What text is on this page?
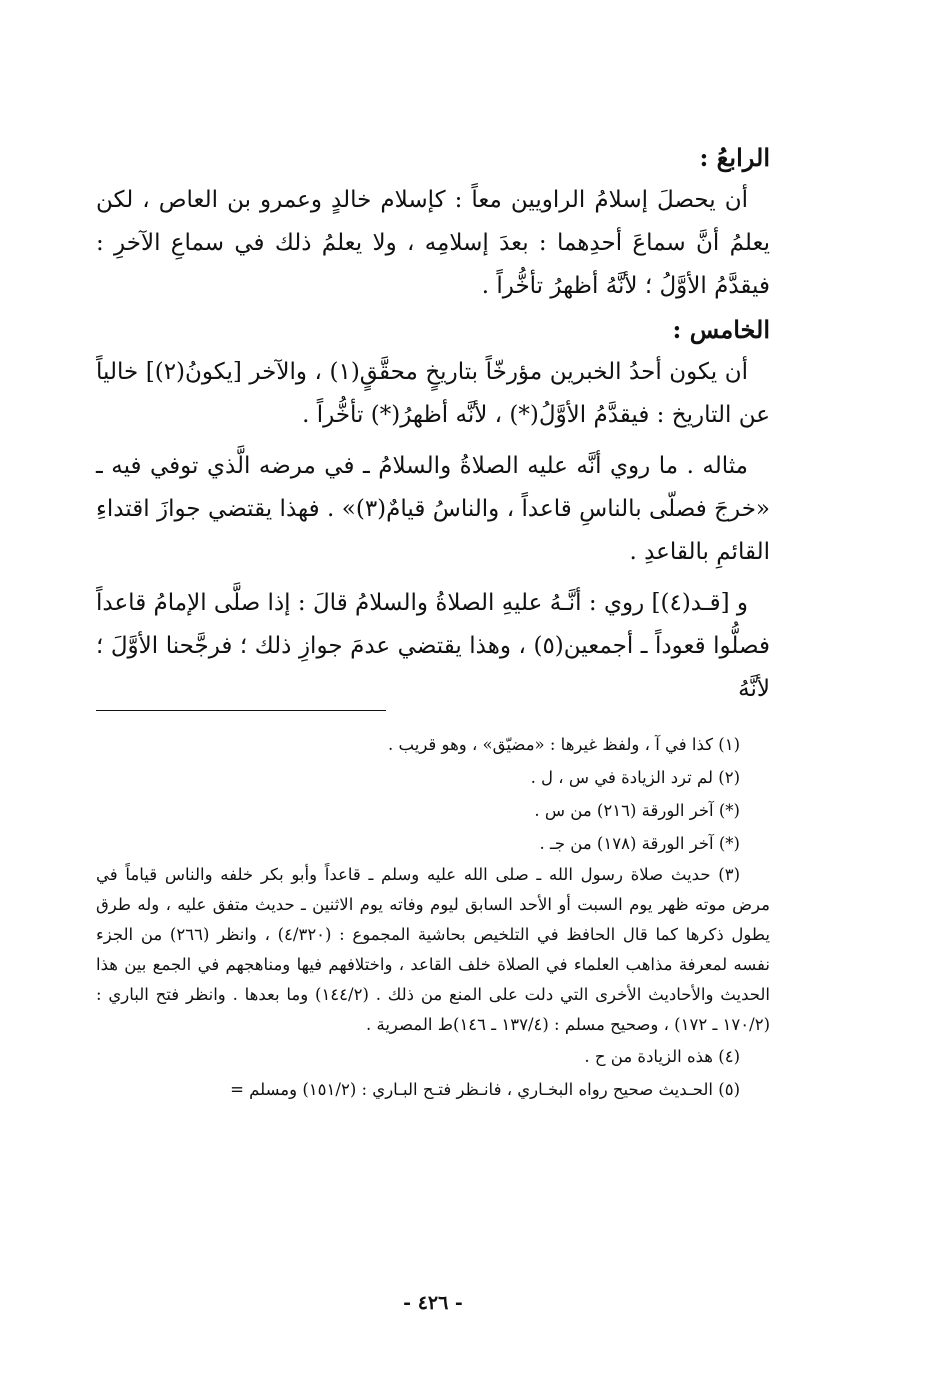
الرابعُ :

أن يحصلَ إسلامُ الراويين معاً : كإسلام خالدٍ وعمرو بن العاص ، لكن يعلمُ أنَّ سماعَ أحدِهما : بعدَ إسلامِه ، ولا يعلمُ ذلك في سماعِ الآخرِ : فيقدَّمُ الأوَّلُ ؛ لأنَّهُ أظهرُ تأخُّراً .

الخامس :

أن يكون أحدُ الخبرين مؤرخّاً بتاريخٍ محقَّقٍ(١) ، والآخر [يكونُ(٢)] خالياً عن التاريخ : فيقدَّمُ الأوَّلُ(*) ، لأنَّه أظهرُ(*) تأخُّراً .

مثاله . ما روي أنَّه عليه الصلاةُ والسلامُ ـ في مرضه الَّذي توفي فيه ـ «خرجَ فصلّى بالناسِ قاعداً ، والناسُ قيامٌ(٣)» . فهذا يقتضي جوازَ اقتداءِ القائمِ بالقاعدِ .

و [قـد(٤)] روي : أنَّـهُ عليهِ الصلاةُ والسلامُ قالَ : إذا صلَّى الإمامُ قاعداً فصلُّوا قعوداً ـ أجمعين(٥) ، وهذا يقتضي عدمَ جوازِ ذلك ؛ فرجَّحنا الأوَّلَ ؛ لأنَّهُ

(١) كذا في آ ، ولفظ غيرها : «مضيّق» ، وهو قريب .

(٢) لم ترد الزيادة في س ، ل .

(*) آخر الورقة (٢١٦) من س .

(*) آخر الورقة (١٧٨) من جـ .

(٣) حديث صلاة رسول الله ـ صلى الله عليه وسلم ـ قاعداً وأبو بكر خلفه والناس قياماً في مرض موته ظهر يوم السبت أو الأحد السابق ليوم وفاته يوم الاثنين ـ حديث متفق عليه ، وله طرق يطول ذكرها كما قال الحافظ في التلخيص بحاشية المجموع : (٤/٣٢٠) ، وانظر (٢٦٦) من الجزء نفسه لمعرفة مذاهب العلماء في الصلاة خلف القاعد ، واختلافهم فيها ومناهجهم في الجمع بين هذا الحديث والأحاديث الأخرى التي دلت على المنع من ذلك . (١٤٤/٢) وما بعدها . وانظر فتح الباري : (١٧٠/٢ ـ ١٧٢) ، وصحيح مسلم : (١٣٧/٤ ـ ١٤٦)ط المصرية .

(٤) هذه الزيادة من ح .

(٥) الحـديث صحيح رواه البخـاري ، فانـظر فتـح البـاري : (١٥١/٢) ومسلم =

- ٤٢٦ -
